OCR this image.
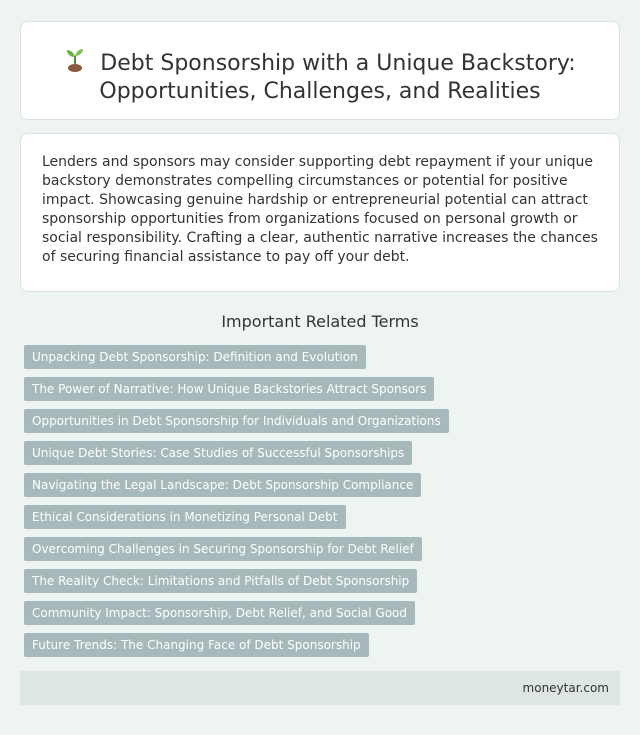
Debt Sponsorship with a Unique Backstory:
Opportunities, Challenges, and Realities

Lenders and sponsors may consider supporting debt repayment if your unique backstory demonstrates compelling circumstances or potential for positive impact. Showcasing genuine hardship or entrepreneurial potential can attract sponsorship opportunities from organizations focused on personal growth or social responsibility. Crafting a clear, authentic narrative increases the chances of securing financial assistance to pay off your debt.

Important Related Terms
Unpacking Debt Sponsorship: Definition and Evolution
The Power of Narrative: How Unique Backstories Attract Sponsors
Opportunities in Debt Sponsorship for Individuals and Organizations
Unique Debt Stories: Case Studies of Successful Sponsorships
Navigating the Legal Landscape: Debt Sponsorship Compliance
Ethical Considerations in Monetizing Personal Debt
Overcoming Challenges in Securing Sponsorship for Debt Relief
The Reality Check: Limitations and Pitfalls of Debt Sponsorship
Community Impact: Sponsorship, Debt Relief, and Social Good
Future Trends: The Changing Face of Debt Sponsorship
moneytar.com
